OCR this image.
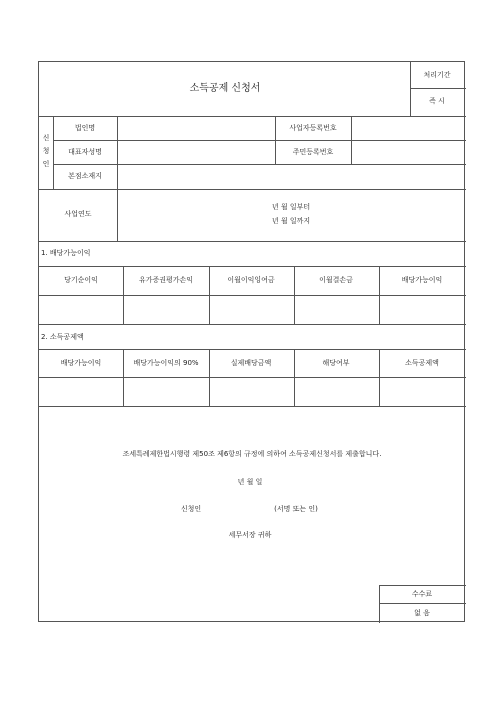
소득공제 신청서
처리기간
즉 시
신
청
인
법인명	사업자등록번호
대표자성명	주민등록번호
본점소재지
사업연도
년 월 일부터
년 월 일까지
1. 배당가능이익
당기순이익	유가증권평가손익	이월이익잉여금	이월결손금	배당가능이익
2. 소득공제액
배당가능이익	배당가능이익의 90%	실제배당금액	해당여부	소득공제액
조세특례제한법시행령 제50조 제6항의 규정에 의하여 소득공제신청서를 제출합니다.
년 월 일
신청인	(서명 또는 인)
세무서장 귀하
수수료
없 음
